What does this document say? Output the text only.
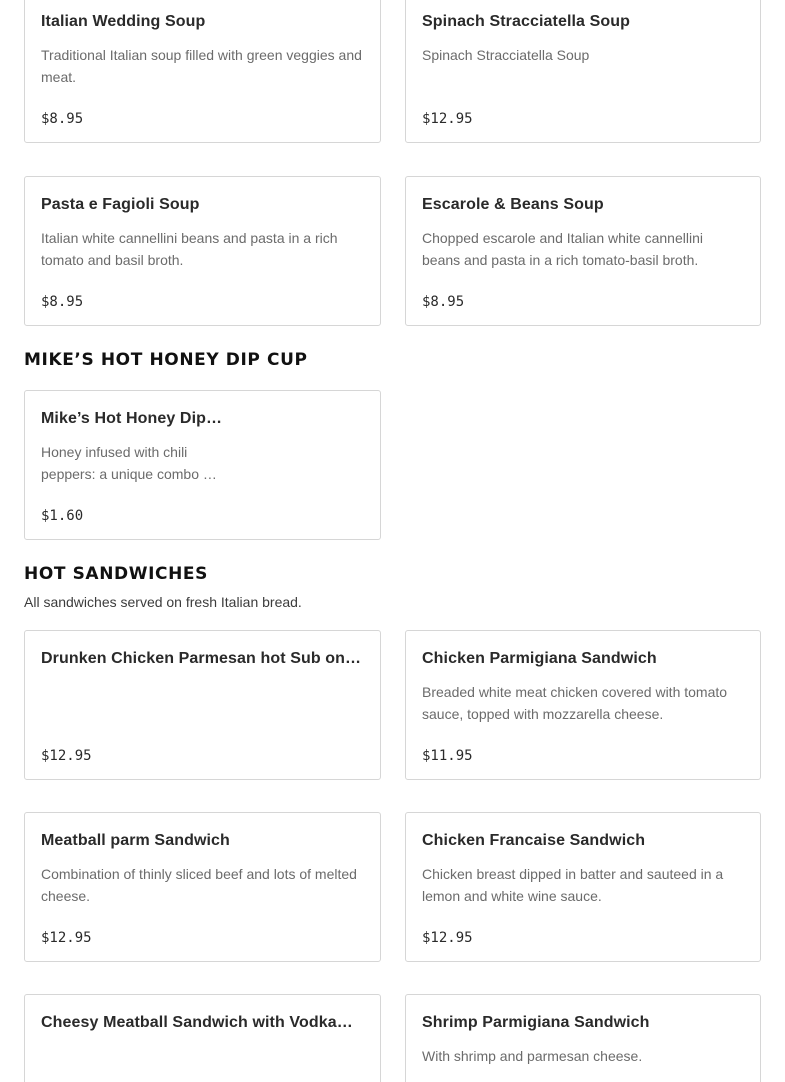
Italian Wedding Soup
Traditional Italian soup filled with green veggies and meat.
$8.95
Spinach Stracciatella Soup
Spinach Stracciatella Soup
$12.95
Pasta e Fagioli Soup
Italian white cannellini beans and pasta in a rich tomato and basil broth.
$8.95
Escarole & Beans Soup
Chopped escarole and Italian white cannellini beans and pasta in a rich tomato-basil broth.
$8.95
MIKE’S HOT HONEY DIP CUP
Mike’s Hot Honey Dip…
Honey infused with chili peppers: a unique combo …
$1.60
HOT SANDWICHES

All sandwiches served on fresh Italian bread.

Drunken Chicken Parmesan hot Sub on…
$12.95
Chicken Parmigiana Sandwich
Breaded white meat chicken covered with tomato sauce, topped with mozzarella cheese.
$11.95
Meatball parm Sandwich
Combination of thinly sliced beef and lots of melted cheese.
$12.95
Chicken Francaise Sandwich
Chicken breast dipped in batter and sauteed in a lemon and white wine sauce.
$12.95
Cheesy Meatball Sandwich with Vodka…	Shrimp Parmigiana Sandwich
With shrimp and parmesan cheese.
